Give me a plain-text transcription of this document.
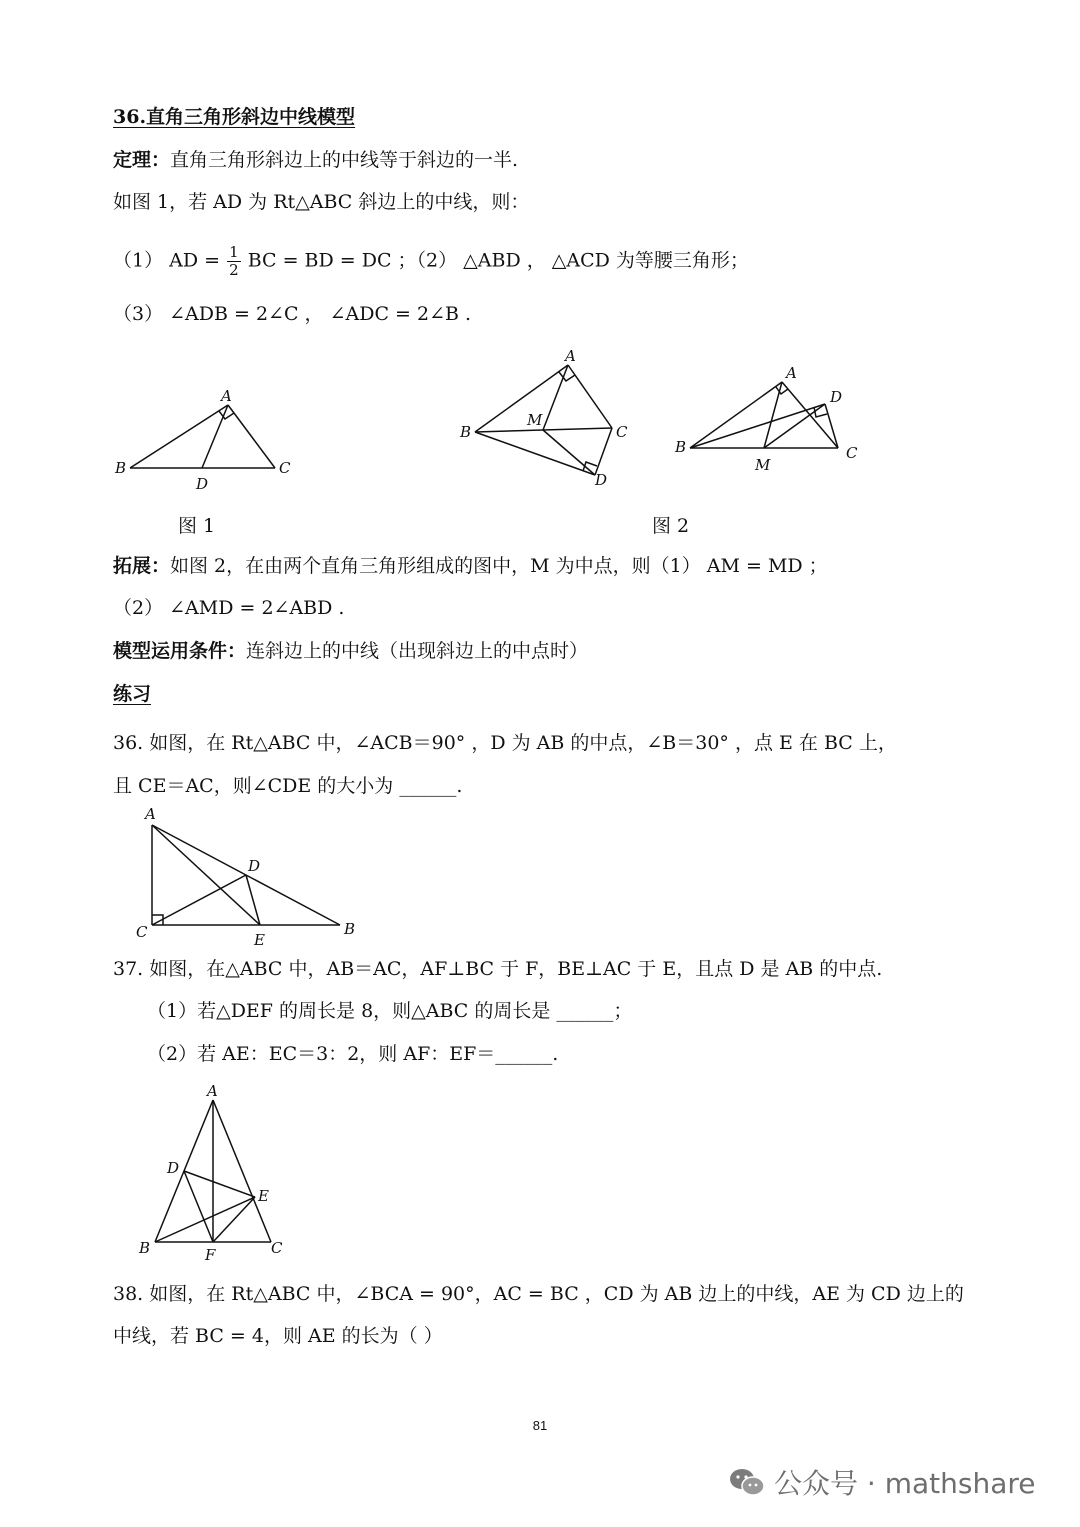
36.直角三角形斜边中线模型
定理：直角三角形斜边上的中线等于斜边的一半.
如图 1，若 AD 为 Rt△ABC 斜边上的中线，则：
（1） AD = $\frac{1}{2}$ BC = BD = DC ；（2） △ABD ， △ACD 为等腰三角形；
（3） ∠ADB = 2∠C ， ∠ADC = 2∠B .
A
B	C
D
图 1
A
B	C
D
M
A
B	C
D
M
图 2
拓展：如图 2，在由两个直角三角形组成的图中，M 为中点，则（1） AM = MD ；
（2） ∠AMD = 2∠ABD .
模型运用条件：连斜边上的中线（出现斜边上的中点时）
练习
36. 如图，在 Rt△ABC 中，∠ACB＝90° ，D 为 AB 的中点，∠B＝30° ，点 E 在 BC 上，
且 CE＝AC，则∠CDE 的大小为 ______.
A
B
C
D
E
37. 如图，在△ABC 中，AB＝AC，AF⊥BC 于 F，BE⊥AC 于 E，且点 D 是 AB 的中点.
（1）若△DEF 的周长是 8，则△ABC 的周长是 ______；
（2）若 AE：EC＝3：2，则 AF：EF＝______.
A
B	C
D
E
F
38. 如图，在 Rt△ABC 中，∠BCA = 90°，AC = BC ，CD 为 AB 边上的中线，AE 为 CD 边上的
中线，若 BC = 4，则 AE 的长为（ ）
81
公众号 · mathshare
